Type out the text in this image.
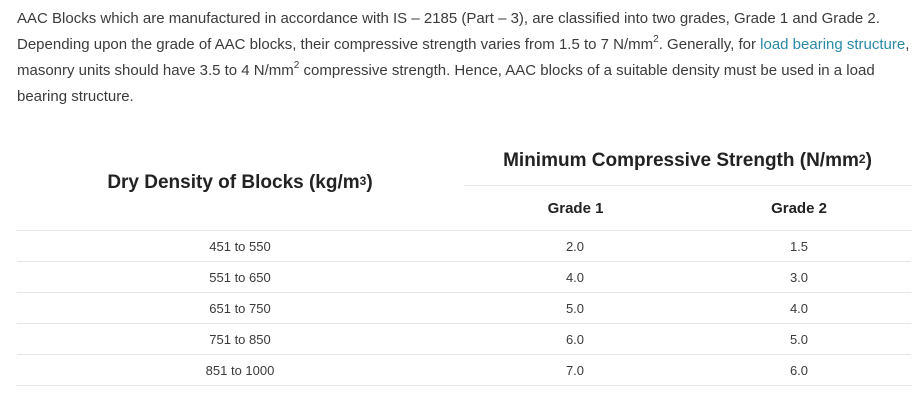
AAC Blocks which are manufactured in accordance with IS – 2185 (Part – 3), are classified into two grades, Grade 1 and Grade 2. Depending upon the grade of AAC blocks, their compressive strength varies from 1.5 to 7 $N/mm^2$. Generally, for load bearing structure, masonry units should have 3.5 to 4 $N/mm^2$ compressive strength. Hence, AAC blocks of a suitable density must be used in a load bearing structure.

Dry Density of Blocks ($kg/m^3$ )
Minimum Compressive Strength ($N/mm^2$ )
Grade 1	Grade 2
451 to 550	2.0	1.5
551 to 650	4.0	3.0
651 to 750	5.0	4.0
751 to 850	6.0	5.0
851 to 1000	7.0	6.0
